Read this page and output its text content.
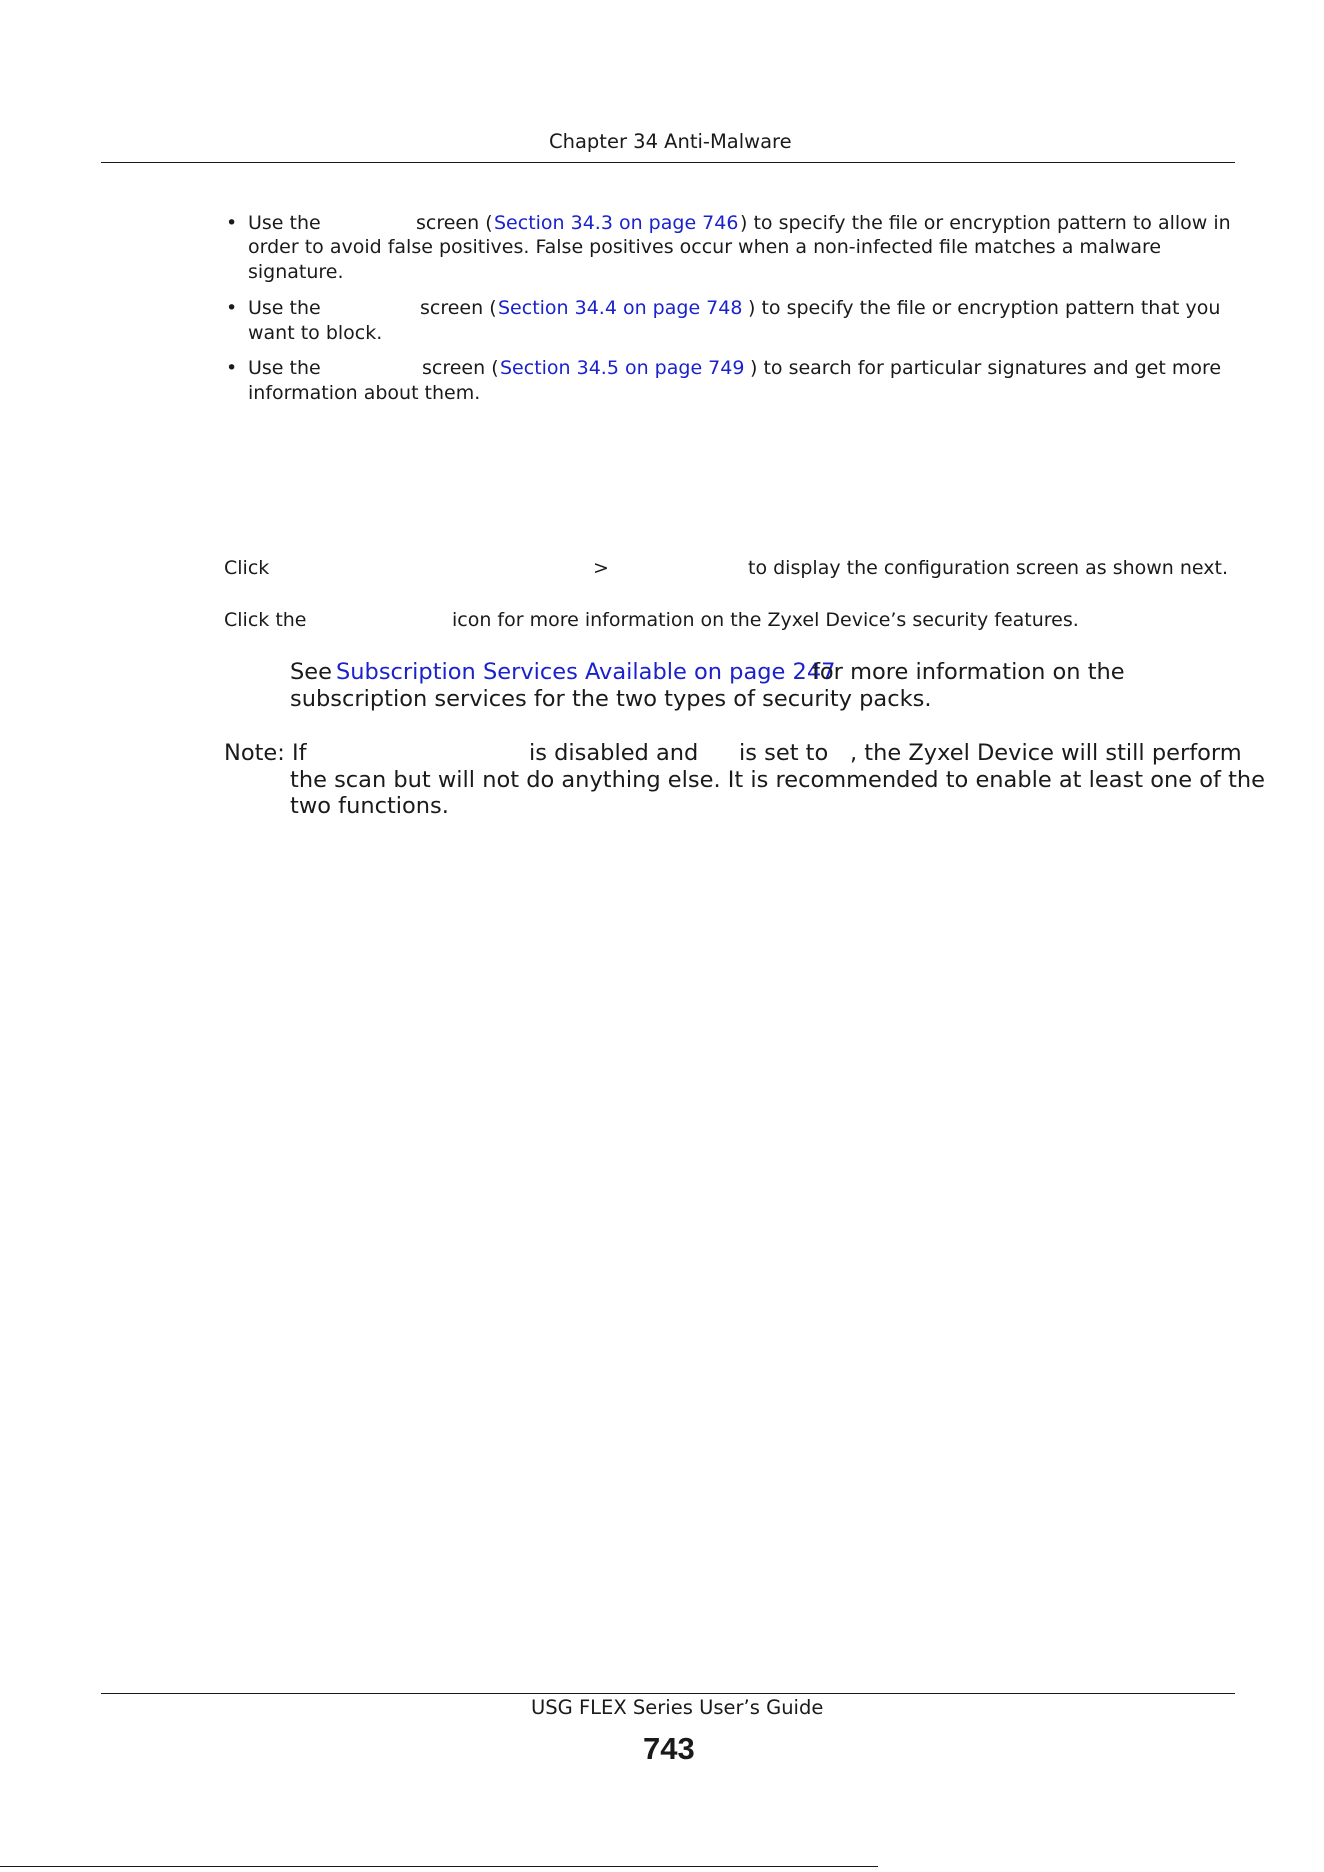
Chapter 34 Anti-Malware
• Use the	screen ( Section 34.3 on page 746 ) to specify the file or encryption pattern to allow in
order to avoid false positives. False positives occur when a non-infected file matches a malware
signature.
• Use the	screen ( Section 34.4 on page 748 ) to specify the file or encryption pattern that you
want to block.
• Use the	screen ( Section 34.5 on page 749 ) to search for particular signatures and get more
information about them.
Click	>	to display the configuration screen as shown next.
Click the	icon for more information on the Zyxel Device’s security features.
See Subscription Services Available on page 247
for more information on the
subscription services for the two types of security packs.
Note: If	is disabled and is set to , the Zyxel Device will still perform
the scan but will not do anything else. It is recommended to enable at least one of the
two functions.
USG FLEX Series User’s Guide
743
